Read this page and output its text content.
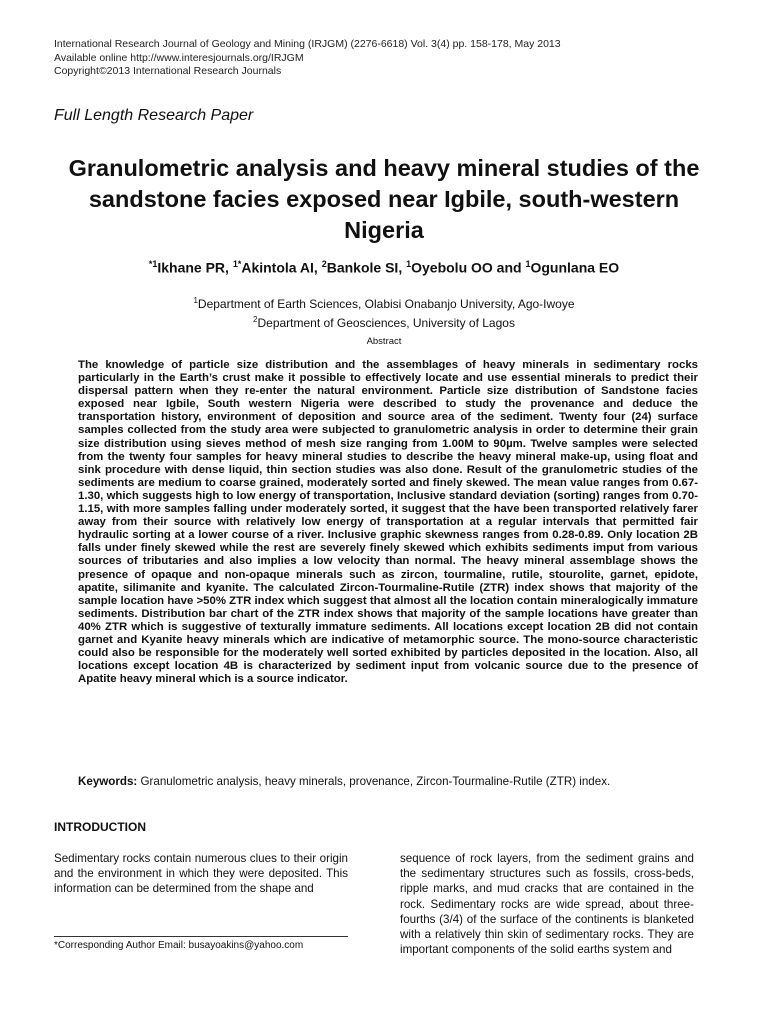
International Research Journal of Geology and Mining (IRJGM) (2276-6618) Vol. 3(4) pp. 158-178, May 2013
Available online http://www.interesjournals.org/IRJGM
Copyright©2013 International Research Journals
Full Length Research Paper
Granulometric analysis and heavy mineral studies of the sandstone facies exposed near Igbile, south-western Nigeria
$^{*1}$Ikhane PR, $^{1*}$Akintola AI, $^2$Bankole SI, $^1$Oyebolu OO and $^1$Ogunlana EO
$^1$Department of Earth Sciences, Olabisi Onabanjo University, Ago-Iwoye
$^2$Department of Geosciences, University of Lagos
Abstract

The knowledge of particle size distribution and the assemblages of heavy minerals in sedimentary rocks particularly in the Earth’s crust make it possible to effectively locate and use essential minerals to predict their dispersal pattern when they re-enter the natural environment. Particle size distribution of Sandstone facies exposed near Igbile, South western Nigeria were described to study the provenance and deduce the transportation history, environment of deposition and source area of the sediment. Twenty four (24) surface samples collected from the study area were subjected to granulometric analysis in order to determine their grain size distribution using sieves method of mesh size ranging from 1.00M to 90µm. Twelve samples were selected from the twenty four samples for heavy mineral studies to describe the heavy mineral make-up, using float and sink procedure with dense liquid, thin section studies was also done. Result of the granulometric studies of the sediments are medium to coarse grained, moderately sorted and finely skewed. The mean value ranges from 0.67-1.30, which suggests high to low energy of transportation, Inclusive standard deviation (sorting) ranges from 0.70-1.15, with more samples falling under moderately sorted, it suggest that the have been transported relatively farer away from their source with relatively low energy of transportation at a regular intervals that permitted fair hydraulic sorting at a lower course of a river. Inclusive graphic skewness ranges from 0.28-0.89. Only location 2B falls under finely skewed while the rest are severely finely skewed which exhibits sediments imput from various sources of tributaries and also implies a low velocity than normal. The heavy mineral assemblage shows the presence of opaque and non-opaque minerals such as zircon, tourmaline, rutile, stourolite, garnet, epidote, apatite, silimanite and kyanite. The calculated Zircon-Tourmaline-Rutile (ZTR) index shows that majority of the sample location have >50% ZTR index which suggest that almost all the location contain mineralogically immature sediments. Distribution bar chart of the ZTR index shows that majority of the sample locations have greater than 40% ZTR which is suggestive of texturally immature sediments. All locations except location 2B did not contain garnet and Kyanite heavy minerals which are indicative of metamorphic source. The mono-source characteristic could also be responsible for the moderately well sorted exhibited by particles deposited in the location. Also, all locations except location 4B is characterized by sediment input from volcanic source due to the presence of Apatite heavy mineral which is a source indicator.

Keywords: Granulometric analysis, heavy minerals, provenance, Zircon-Tourmaline-Rutile (ZTR) index.
INTRODUCTION

Sedimentary rocks contain numerous clues to their origin and the environment in which they were deposited. This information can be determined from the shape and

sequence of rock layers, from the sediment grains and the sedimentary structures such as fossils, cross-beds, ripple marks, and mud cracks that are contained in the rock. Sedimentary rocks are wide spread, about three-fourths (3/4) of the surface of the continents is blanketed with a relatively thin skin of sedimentary rocks. They are important components of the solid earths system and

*Corresponding Author Email: busayoakins@yahoo.com
